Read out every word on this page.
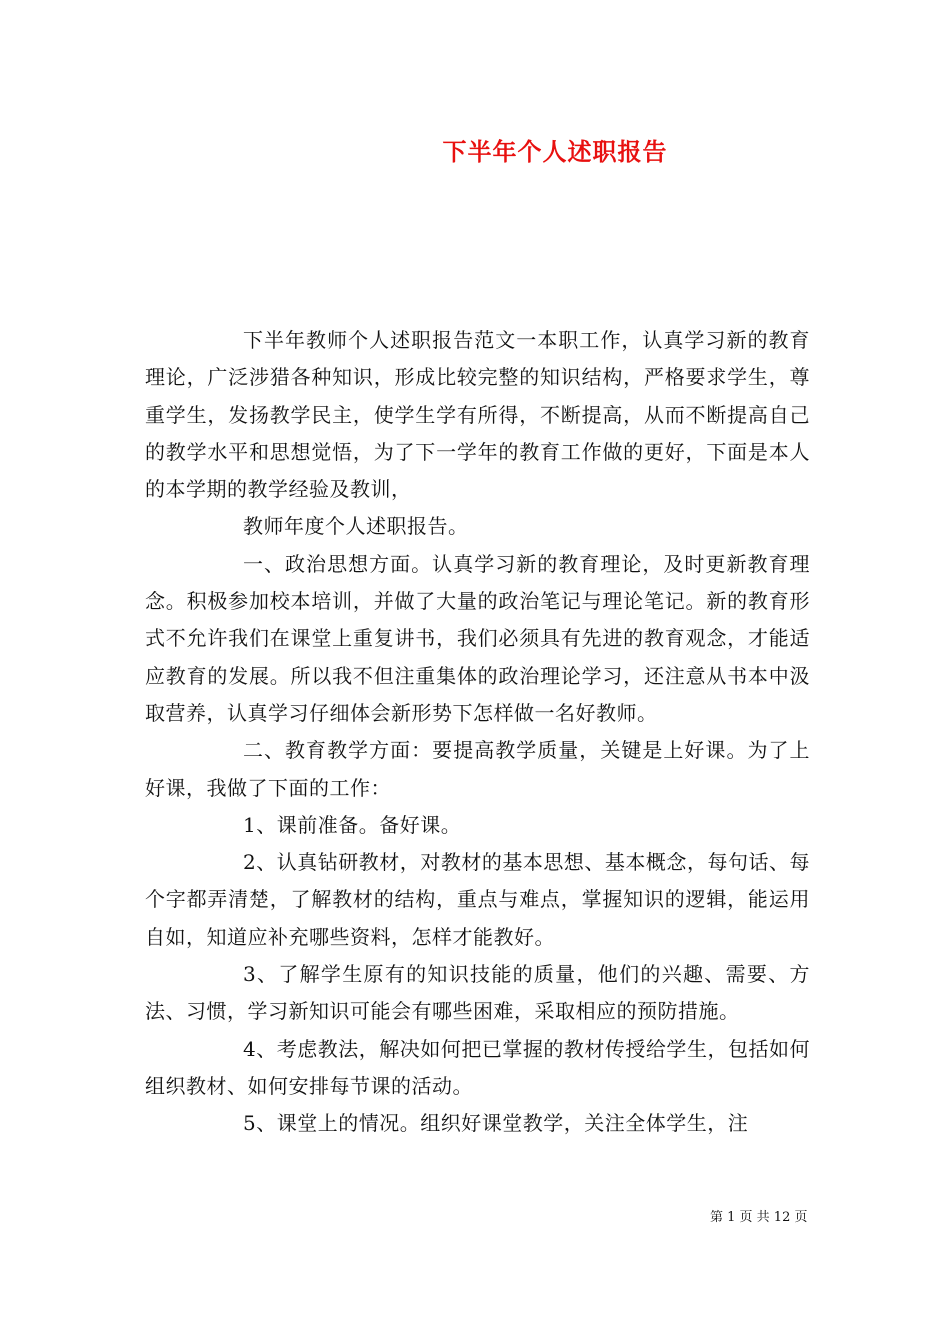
下半年个人述职报告

下半年教师个人述职报告范文一本职工作，认真学习新的教育理论，广泛涉猎各种知识，形成比较完整的知识结构，严格要求学生，尊重学生，发扬教学民主，使学生学有所得，不断提高，从而不断提高自己的教学水平和思想觉悟，为了下一学年的教育工作做的更好，下面是本人的本学期的教学经验及教训，

教师年度个人述职报告。

一、政治思想方面。认真学习新的教育理论，及时更新教育理念。积极参加校本培训，并做了大量的政治笔记与理论笔记。新的教育形式不允许我们在课堂上重复讲书，我们必须具有先进的教育观念，才能适应教育的发展。所以我不但注重集体的政治理论学习，还注意从书本中汲取营养，认真学习仔细体会新形势下怎样做一名好教师。

二、教育教学方面：要提高教学质量，关键是上好课。为了上好课，我做了下面的工作：

1、课前准备。备好课。

2、认真钻研教材，对教材的基本思想、基本概念，每句话、每个字都弄清楚，了解教材的结构，重点与难点，掌握知识的逻辑，能运用自如，知道应补充哪些资料，怎样才能教好。

3、了解学生原有的知识技能的质量，他们的兴趣、需要、方法、习惯，学习新知识可能会有哪些困难，采取相应的预防措施。

4、考虑教法，解决如何把已掌握的教材传授给学生，包括如何组织教材、如何安排每节课的活动。

5、课堂上的情况。组织好课堂教学，关注全体学生，注

第 1 页 共 12 页
